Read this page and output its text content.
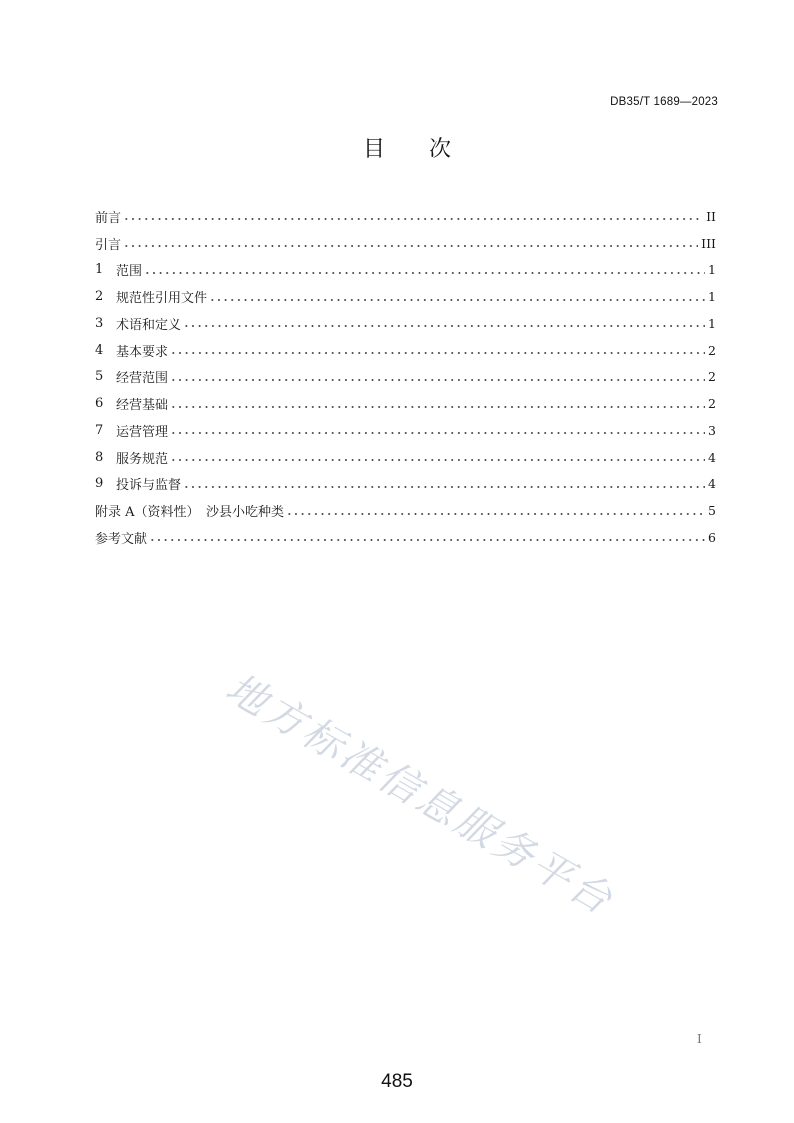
DB35/T 1689—2023
目　　次
前言	II
引言	III
1 范围	1
2 规范性引用文件	1
3 术语和定义	1
4 基本要求	2
5 经营范围	2
6 经营基础	2
7 运营管理	3
8 服务规范	4
9 投诉与监督	4
附录 A（资料性）　沙县小吃种类	5
参考文献	6
地方标准信息服务平台
I
485
